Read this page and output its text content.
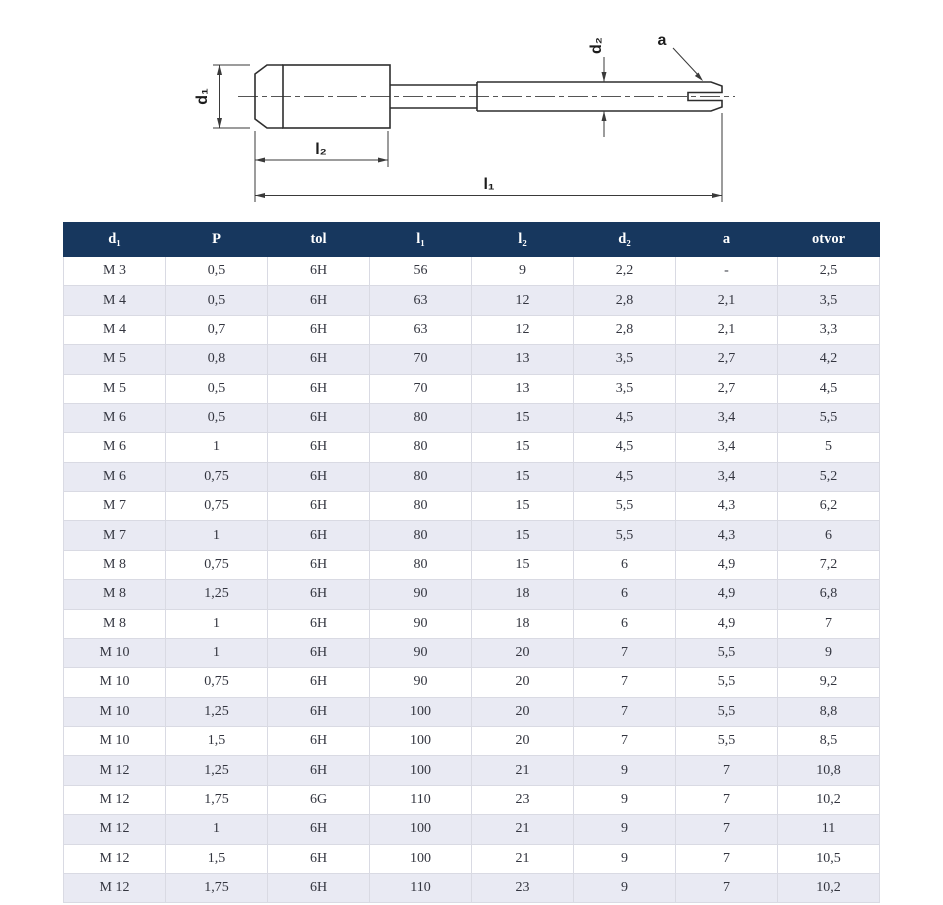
d₁
d₂	a
l₂
l₁
d₁	P	tol	l₁	l₂	d₂	a	otvor
M 3	0,5	6H	56	9	2,2	-	2,5
M 4	0,5	6H	63	12	2,8	2,1	3,5
M 4	0,7	6H	63	12	2,8	2,1	3,3
M 5	0,8	6H	70	13	3,5	2,7	4,2
M 5	0,5	6H	70	13	3,5	2,7	4,5
M 6	0,5	6H	80	15	4,5	3,4	5,5
M 6	1	6H	80	15	4,5	3,4	5
M 6	0,75	6H	80	15	4,5	3,4	5,2
M 7	0,75	6H	80	15	5,5	4,3	6,2
M 7	1	6H	80	15	5,5	4,3	6
M 8	0,75	6H	80	15	6	4,9	7,2
M 8	1,25	6H	90	18	6	4,9	6,8
M 8	1	6H	90	18	6	4,9	7
M 10	1	6H	90	20	7	5,5	9
M 10	0,75	6H	90	20	7	5,5	9,2
M 10	1,25	6H	100	20	7	5,5	8,8
M 10	1,5	6H	100	20	7	5,5	8,5
M 12	1,25	6H	100	21	9	7	10,8
M 12	1,75	6G	110	23	9	7	10,2
M 12	1	6H	100	21	9	7	11
M 12	1,5	6H	100	21	9	7	10,5
M 12	1,75	6H	110	23	9	7	10,2
